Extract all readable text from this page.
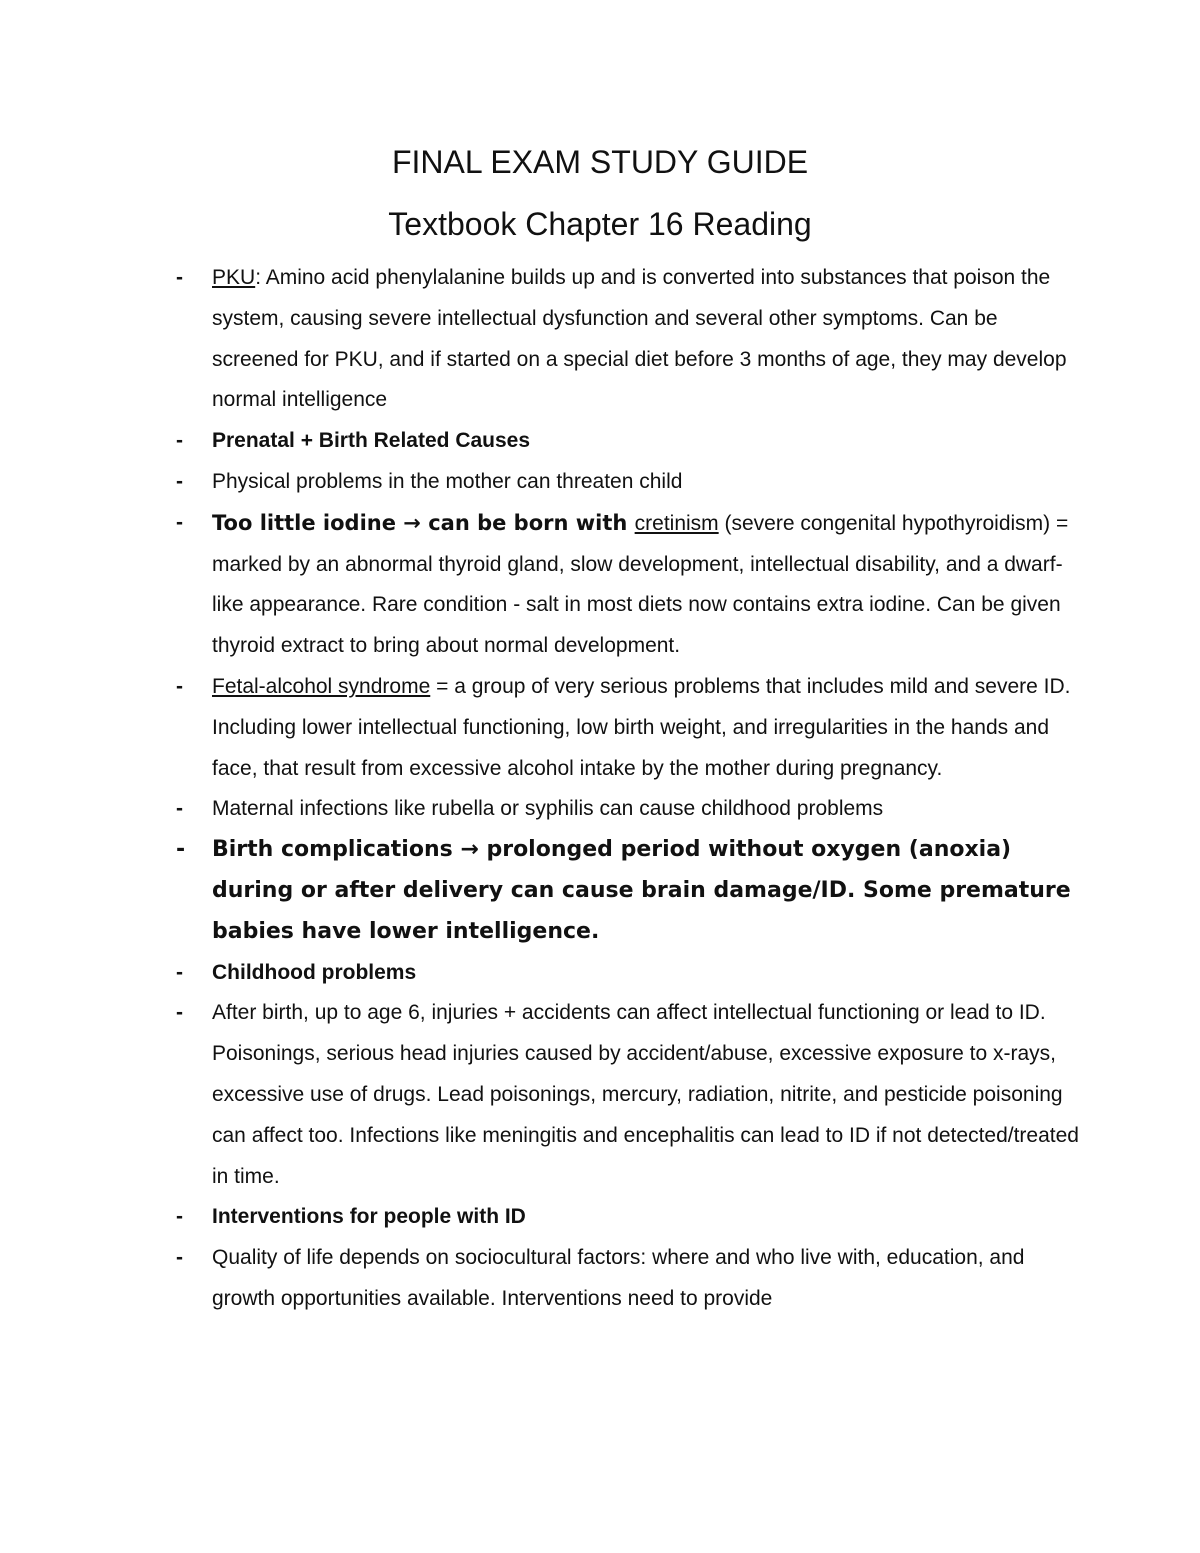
FINAL EXAM STUDY GUIDE
Textbook Chapter 16 Reading
- PKU: Amino acid phenylalanine builds up and is converted into substances that poison the system, causing severe intellectual dysfunction and several other symptoms. Can be screened for PKU, and if started on a special diet before 3 months of age, they may develop normal intelligence
- Prenatal + Birth Related Causes
- Physical problems in the mother can threaten child
- Too little iodine → can be born with cretinism (severe congenital hypothyroidism) = marked by an abnormal thyroid gland, slow development, intellectual disability, and a dwarf-like appearance. Rare condition - salt in most diets now contains extra iodine. Can be given thyroid extract to bring about normal development.
- Fetal-alcohol syndrome = a group of very serious problems that includes mild and severe ID. Including lower intellectual functioning, low birth weight, and irregularities in the hands and face, that result from excessive alcohol intake by the mother during pregnancy.
- Maternal infections like rubella or syphilis can cause childhood problems
- Birth complications → prolonged period without oxygen (anoxia) during or after delivery can cause brain damage/ID. Some premature babies have lower intelligence.
- Childhood problems
- After birth, up to age 6, injuries + accidents can affect intellectual functioning or lead to ID. Poisonings, serious head injuries caused by accident/abuse, excessive exposure to x-rays, excessive use of drugs. Lead poisonings, mercury, radiation, nitrite, and pesticide poisoning can affect too. Infections like meningitis and encephalitis can lead to ID if not detected/treated in time.
- Interventions for people with ID
- Quality of life depends on sociocultural factors: where and who live with, education, and growth opportunities available. Interventions need to provide
